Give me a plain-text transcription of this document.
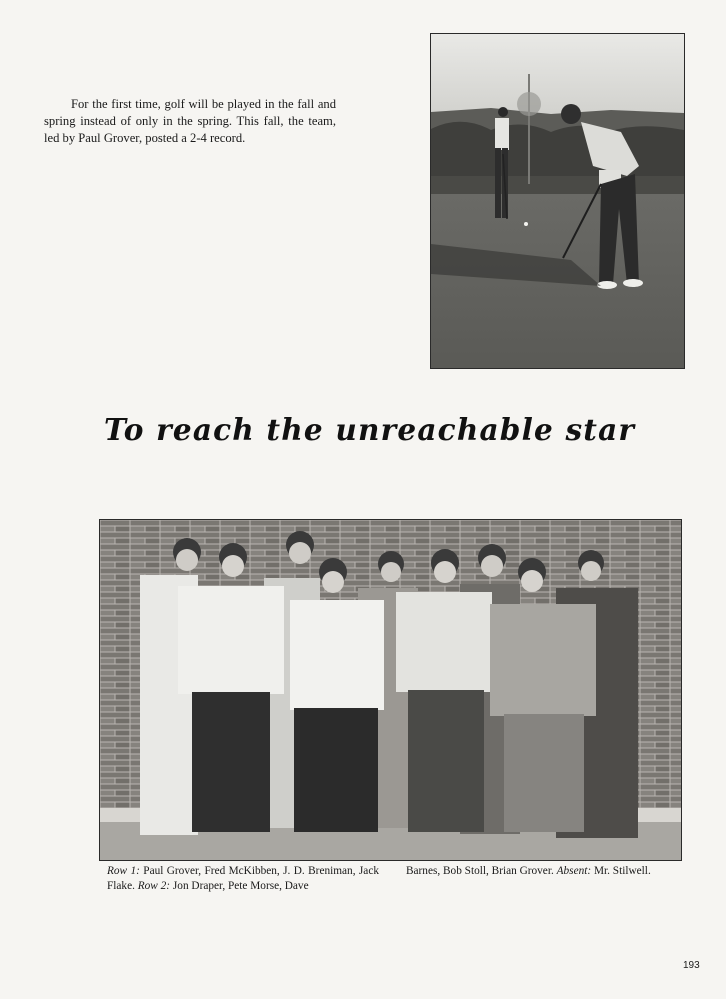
For the first time, golf will be played in the fall and spring instead of only in the spring. This fall, the team, led by Paul Grover, posted a 2-4 record.

To reach the unreachable star

Row 1: Paul Grover, Fred McKibben, J. D. Breniman, Jack Flake. Row 2: Jon Draper, Pete Morse, Dave

Barnes, Bob Stoll, Brian Grover. Absent: Mr. Stilwell.

193
